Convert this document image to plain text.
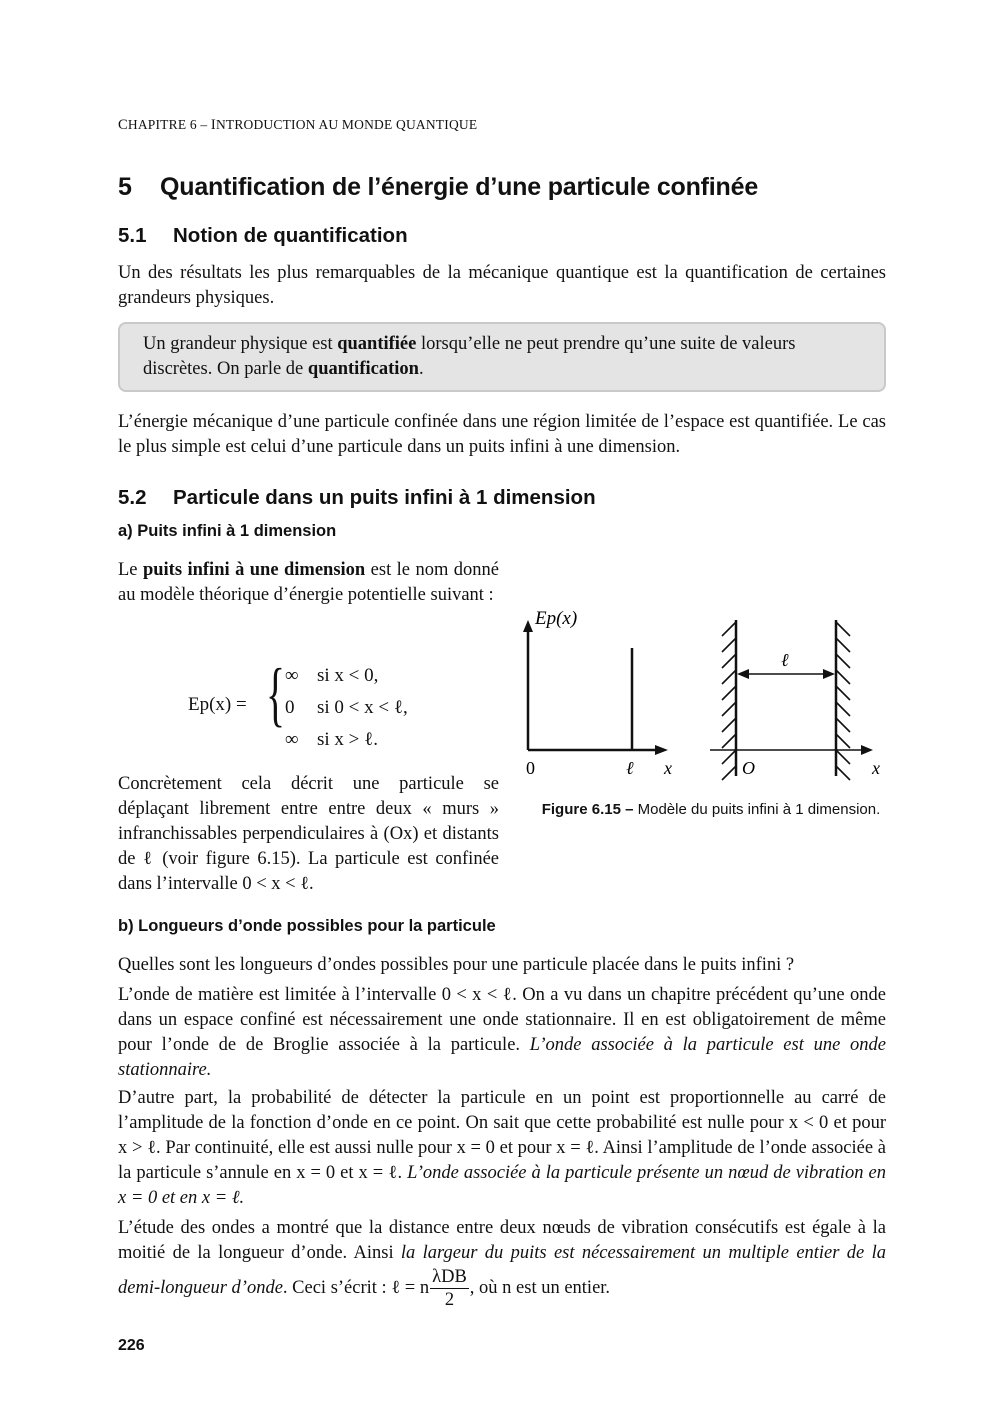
CHAPITRE 6 – INTRODUCTION AU MONDE QUANTIQUE
5 Quantification de l’énergie d’une particule confinée
5.1 Notion de quantification

Un des résultats les plus remarquables de la mécanique quantique est la quantification de certaines grandeurs physiques.

Un grandeur physique est quantifiée lorsqu’elle ne peut prendre qu’une suite de valeurs discrètes. On parle de quantification.

L’énergie mécanique d’une particule confinée dans une région limitée de l’espace est quantifiée. Le cas le plus simple est celui d’une particule dans un puits infini à une dimension.

5.2 Particule dans un puits infini à 1 dimension
a) Puits infini à 1 dimension

Le puits infini à une dimension est le nom donné au modèle théorique d’énergie potentielle suivant :

Ep(x) = { ∞ si x < 0,
0 si 0 < x < ℓ,
∞ si x > ℓ.

Concrètement cela décrit une particule se déplaçant librement entre entre deux « murs » infranchissables perpendiculaires à (Ox) et distants de ℓ (voir figure 6.15). La particule est confinée dans l’intervalle 0 < x < ℓ.

Ep(x)
0	ℓ x
ℓ
O	x
Figure 6.15 – Modèle du puits infini à 1 dimension.
b) Longueurs d’onde possibles pour la particule

Quelles sont les longueurs d’ondes possibles pour une particule placée dans le puits infini ?

L’onde de matière est limitée à l’intervalle 0 < x < ℓ. On a vu dans un chapitre précédent qu’une onde dans un espace confiné est nécessairement une onde stationnaire. Il en est obligatoirement de même pour l’onde de de Broglie associée à la particule. L’onde associée à la particule est une onde stationnaire.

D’autre part, la probabilité de détecter la particule en un point est proportionnelle au carré de l’amplitude de la fonction d’onde en ce point. On sait que cette probabilité est nulle pour x < 0 et pour x > ℓ. Par continuité, elle est aussi nulle pour x = 0 et pour x = ℓ. Ainsi l’amplitude de l’onde associée à la particule s’annule en x = 0 et x = ℓ. L’onde associée à la particule présente un nœud de vibration en x = 0 et en x = ℓ.

L’étude des ondes a montré que la distance entre deux nœuds de vibration consécutifs est égale à la moitié de la longueur d’onde. Ainsi la largeur du puits est nécessairement un multiple entier de la demi-longueur d’onde. Ceci s’écrit : ℓ = n $\frac{\text{λDB}}{2}$ , où n est un entier.

226
